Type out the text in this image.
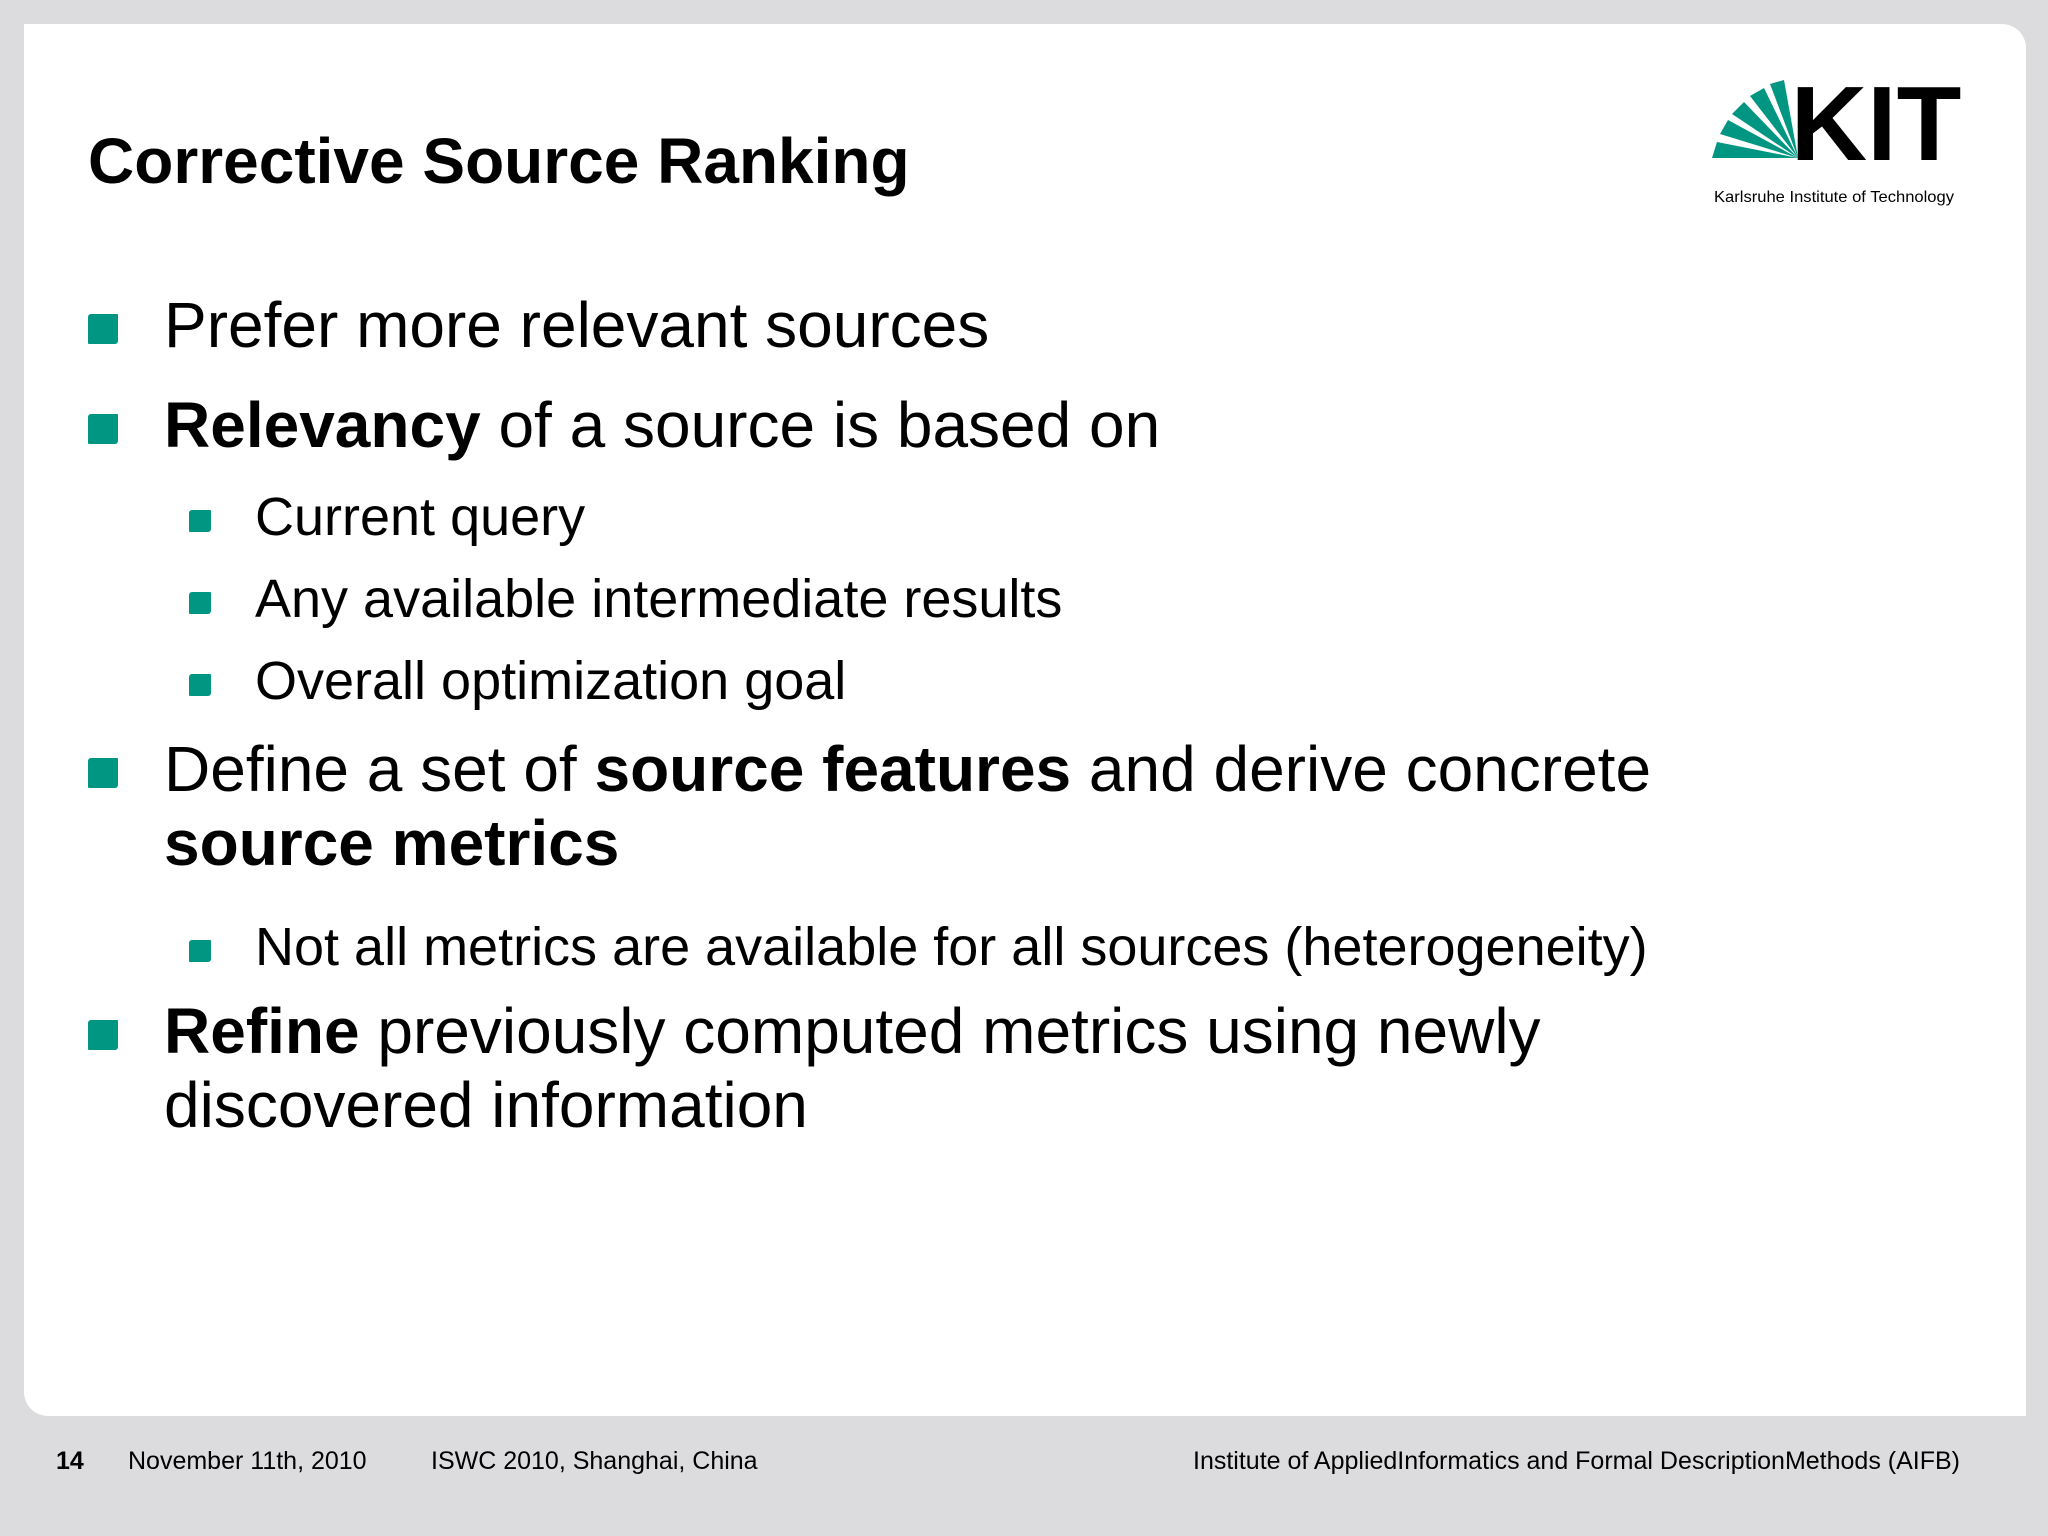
Corrective Source Ranking	KIT
Karlsruhe Institute of Technology
Prefer more relevant sources
Relevancy of a source is based on
Current query
Any available intermediate results
Overall optimization goal
Define a set of source features and derive concrete
source metrics
Not all metrics are available for all sources (heterogeneity)
Refine previously computed metrics using newly
discovered information
14 November 11th, 2010	ISWC 2010, Shanghai, China	Institute of AppliedInformatics and Formal DescriptionMethods (AIFB)
